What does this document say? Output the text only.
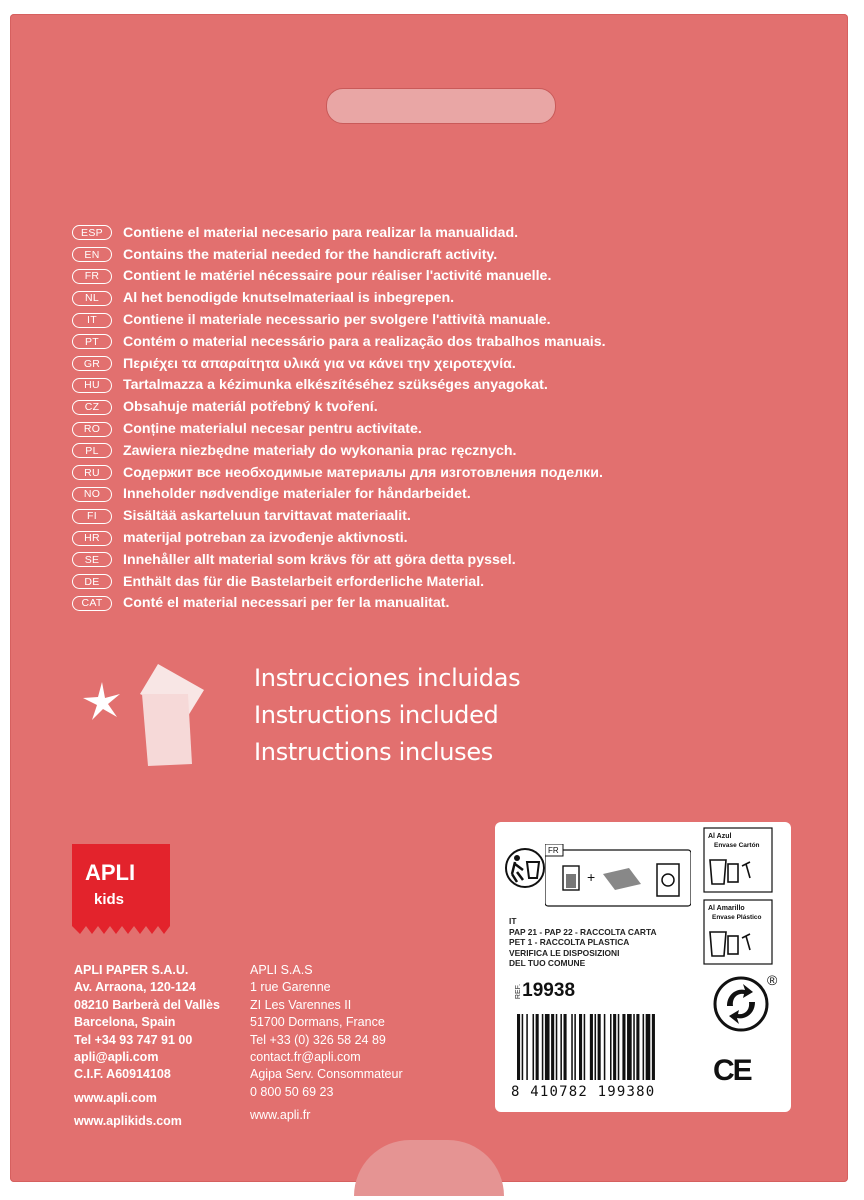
ESP	Contiene el material necesario para realizar la manualidad.
EN	Contains the material needed for the handicraft activity.
FR	Contient le matériel nécessaire pour réaliser l'activité manuelle.
NL	Al het benodigde knutselmateriaal is inbegrepen.
IT	Contiene il materiale necessario per svolgere l'attività manuale.
PT	Contém o material necessário para a realização dos trabalhos manuais.
GR	Περιέχει τα απαραίτητα υλικά για να κάνει την χειροτεχνία.
HU	Tartalmazza a kézimunka elkészítéséhez szükséges anyagokat.
CZ	Obsahuje materiál potřebný k tvoření.
RO	Conține materialul necesar pentru activitate.
PL	Zawiera niezbędne materiały do wykonania prac ręcznych.
RU	Содержит все необходимые материалы для изготовления поделки.
NO	Inneholder nødvendige materialer for håndarbeidet.
FI	Sisältää askarteluun tarvittavat materiaalit.
HR	materijal potreban za izvođenje aktivnosti.
SE	Innehåller allt material som krävs för att göra detta pyssel.
DE	Enthält das für die Bastelarbeit erforderliche Material.
CAT	Conté el material necessari per fer la manualitat.
Instrucciones incluidas
Instructions included
Instructions incluses
APLI
kids
APLI PAPER S.A.U.
Av. Arraona, 120-124
08210 Barberà del Vallès
Barcelona, Spain
Tel +34 93 747 91 00
apli@apli.com
C.I.F. A60914108
www.apli.com
www.aplikids.com
APLI S.A.S
1 rue Garenne
ZI Les Varennes II
51700 Dormans, France
Tel +33 (0) 326 58 24 89
contact.fr@apli.com
Agipa Serv. Consommateur
0 800 50 69 23
www.apli.fr
FR
+
Al Azul
Envase Cartón
Al Amarillo
Envase Plástico
IT
PAP 21 - PAP 22 - RACCOLTA CARTA
PET 1 - RACCOLTA PLASTICA
VERIFICA LE DISPOSIZIONI
DEL TUO COMUNE
REF. 19938	®
8 410782 199380
CE
